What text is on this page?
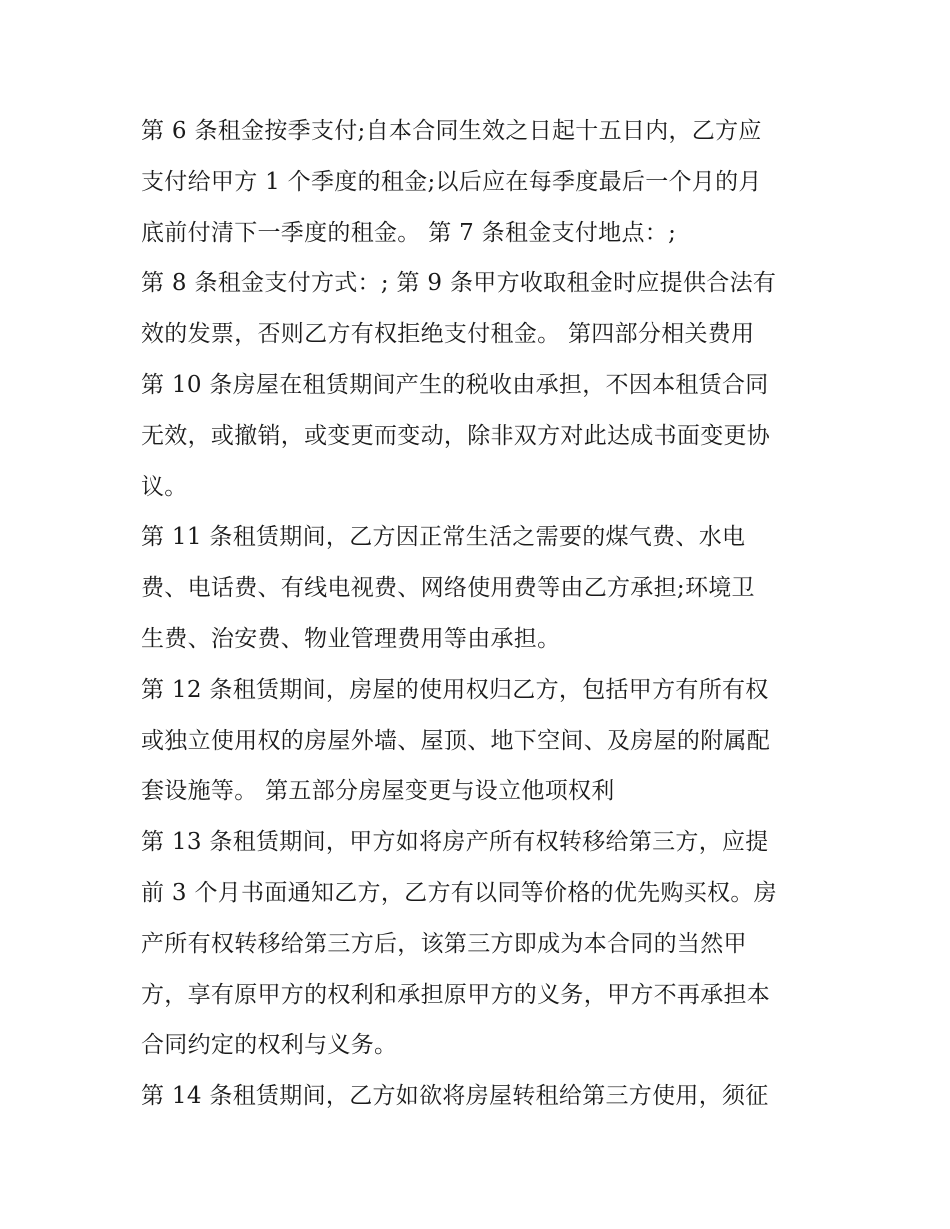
第 6 条租金按季支付;自本合同生效之日起十五日内，乙方应
支付给甲方 1 个季度的租金;以后应在每季度最后一个月的月
底前付清下一季度的租金。 第 7 条租金支付地点：;
第 8 条租金支付方式：; 第 9 条甲方收取租金时应提供合法有
效的发票，否则乙方有权拒绝支付租金。 第四部分相关费用
第 10 条房屋在租赁期间产生的税收由承担，不因本租赁合同
无效，或撤销，或变更而变动，除非双方对此达成书面变更协
议。
第 11 条租赁期间，乙方因正常生活之需要的煤气费、水电
费、电话费、有线电视费、网络使用费等由乙方承担;环境卫
生费、治安费、物业管理费用等由承担。
第 12 条租赁期间，房屋的使用权归乙方，包括甲方有所有权
或独立使用权的房屋外墙、屋顶、地下空间、及房屋的附属配
套设施等。 第五部分房屋变更与设立他项权利
第 13 条租赁期间，甲方如将房产所有权转移给第三方，应提
前 3 个月书面通知乙方，乙方有以同等价格的优先购买权。房
产所有权转移给第三方后，该第三方即成为本合同的当然甲
方，享有原甲方的权利和承担原甲方的义务，甲方不再承担本
合同约定的权利与义务。
第 14 条租赁期间，乙方如欲将房屋转租给第三方使用，须征
